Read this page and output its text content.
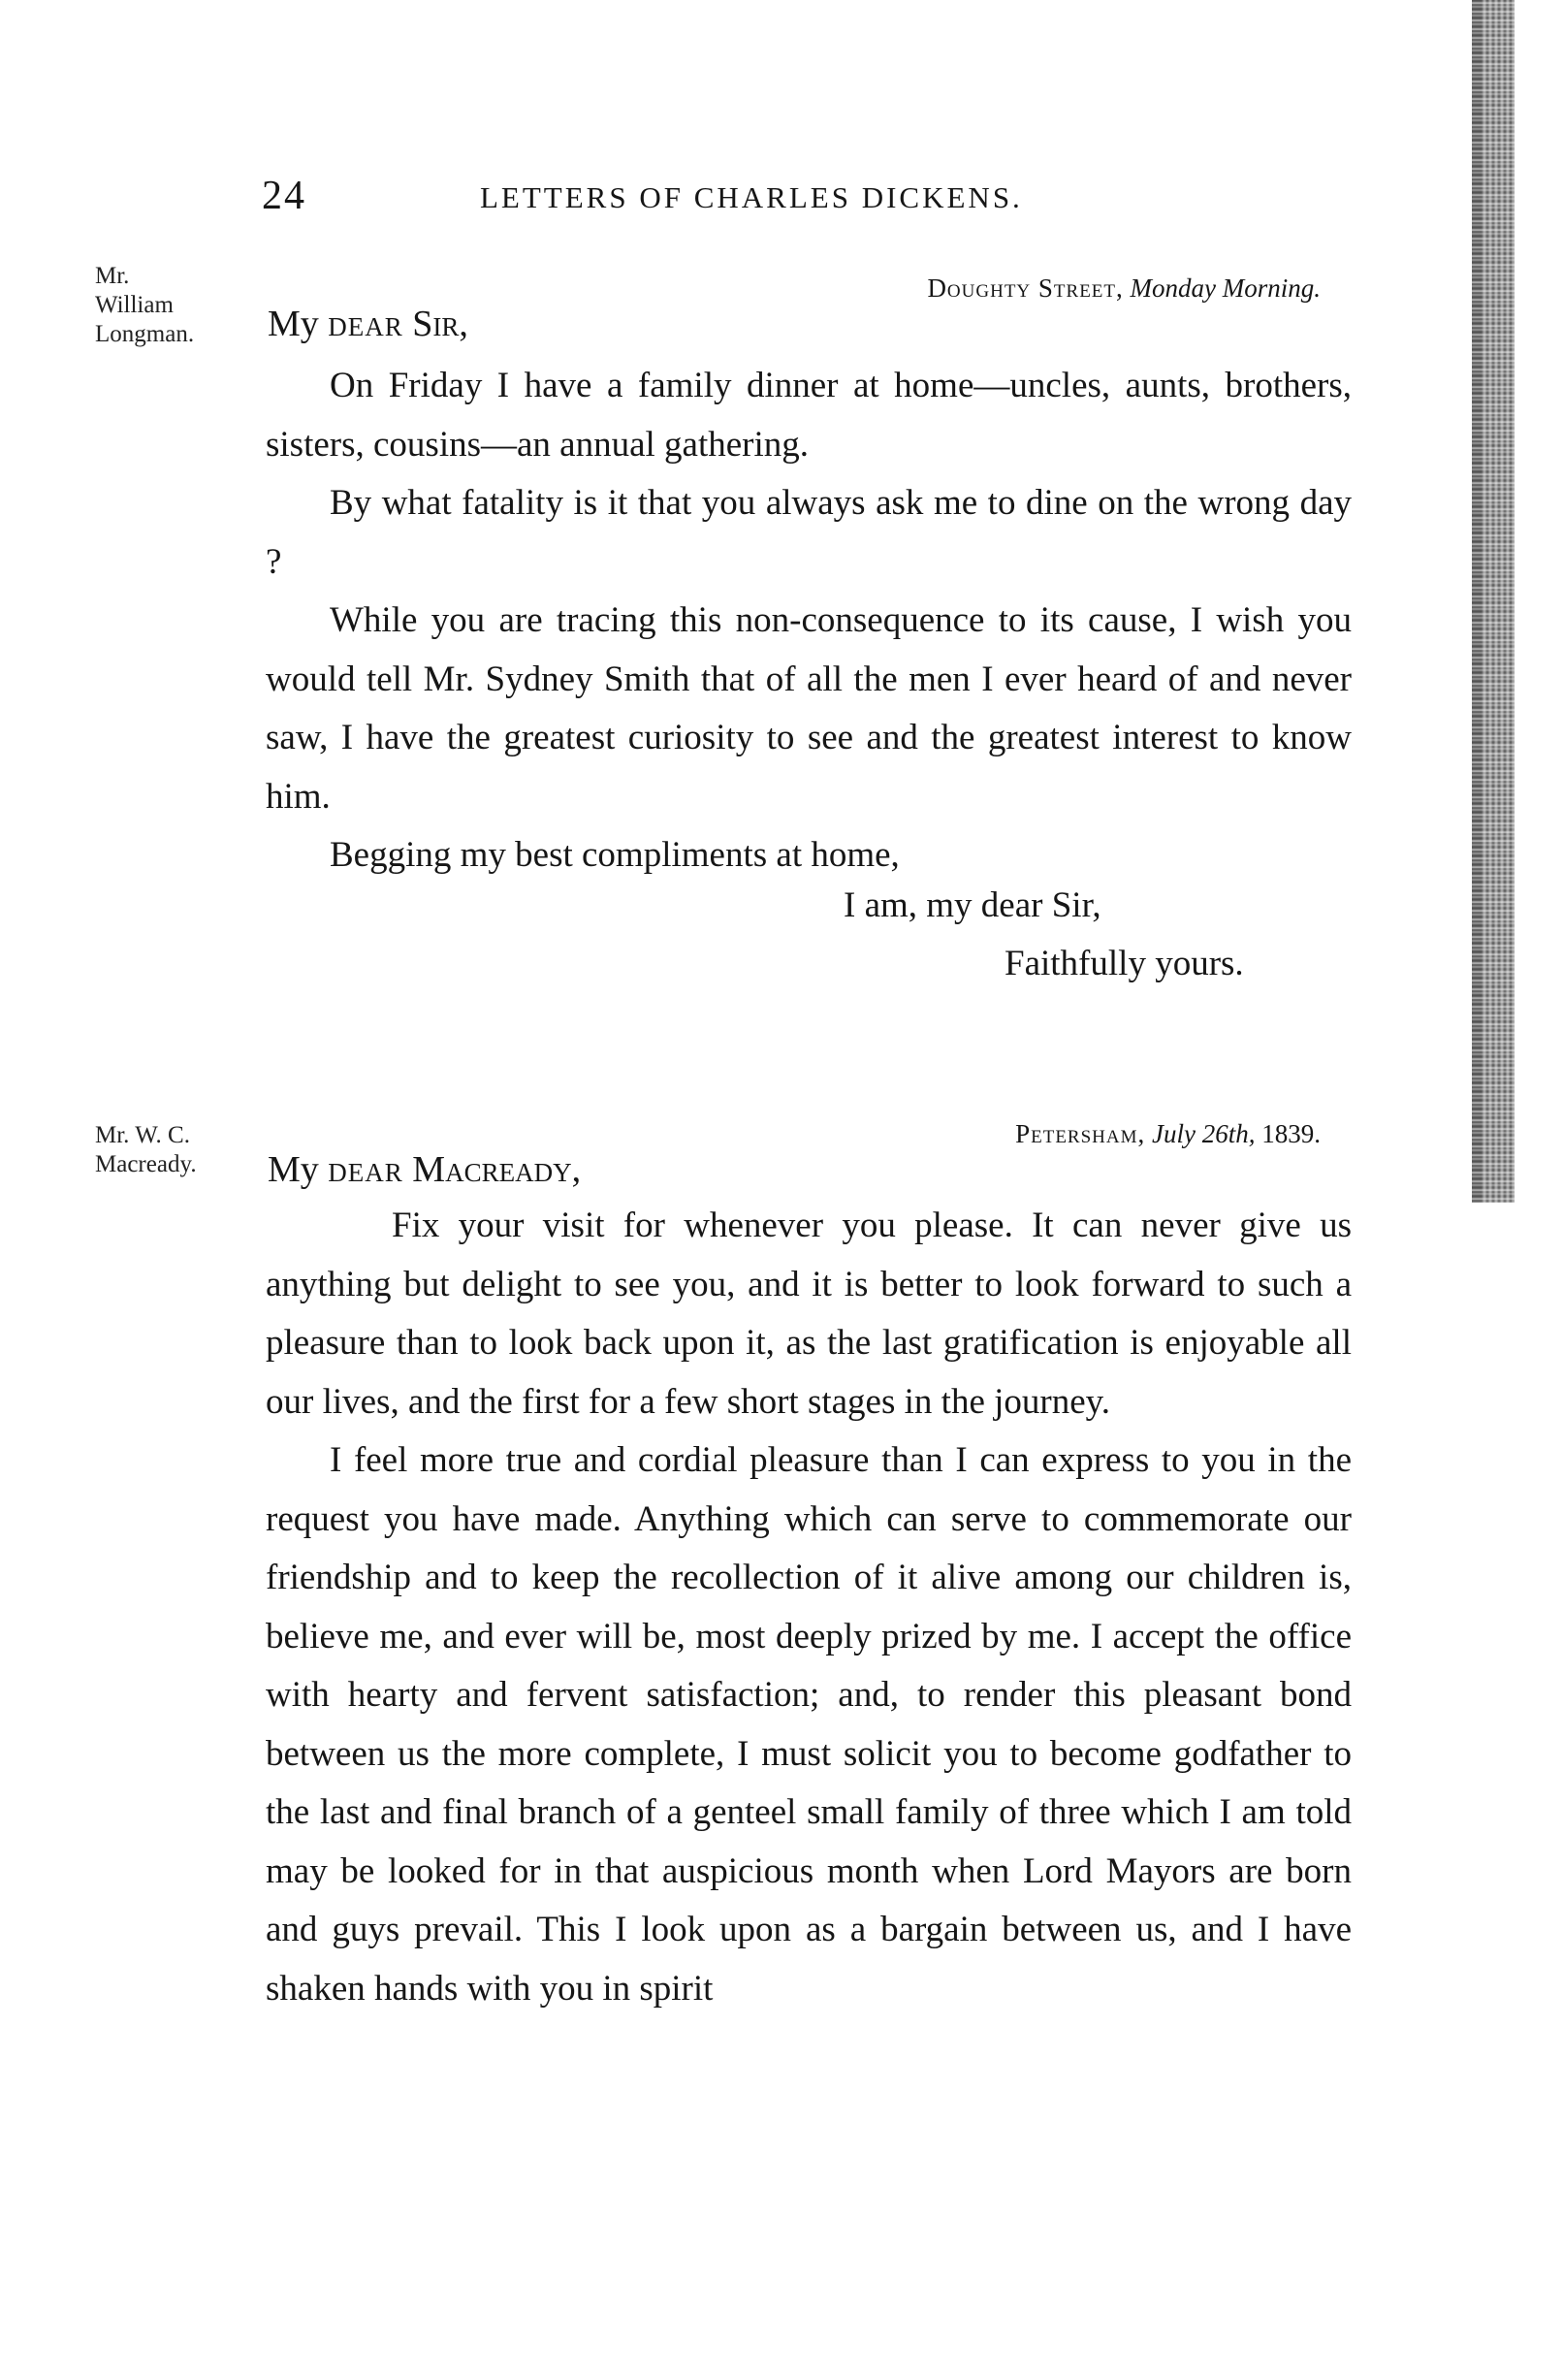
24	LETTERS OF CHARLES DICKENS.
Mr.
William
Longman.
Doughty Street, Monday Morning.
My DEAR Sir,

On Friday I have a family dinner at home—uncles, aunts, brothers, sisters, cousins—an annual gathering.

By what fatality is it that you always ask me to dine on the wrong day ?

While you are tracing this non-consequence to its cause, I wish you would tell Mr. Sydney Smith that of all the men I ever heard of and never saw, I have the greatest curiosity to see and the greatest interest to know him.

Begging my best compliments at home,

I am, my dear Sir,
Faithfully yours.
Mr. W. C.
Macready.
Petersham, July 26th, 1839.
My DEAR Macready,

Fix your visit for whenever you please. It can never give us anything but delight to see you, and it is better to look forward to such a pleasure than to look back upon it, as the last gratification is enjoyable all our lives, and the first for a few short stages in the journey.

I feel more true and cordial pleasure than I can express to you in the request you have made. Anything which can serve to commemorate our friendship and to keep the recollection of it alive among our children is, believe me, and ever will be, most deeply prized by me. I accept the office with hearty and fervent satisfaction; and, to render this pleasant bond between us the more complete, I must solicit you to become godfather to the last and final branch of a genteel small family of three which I am told may be looked for in that auspicious month when Lord Mayors are born and guys prevail. This I look upon as a bargain between us, and I have shaken hands with you in spirit
